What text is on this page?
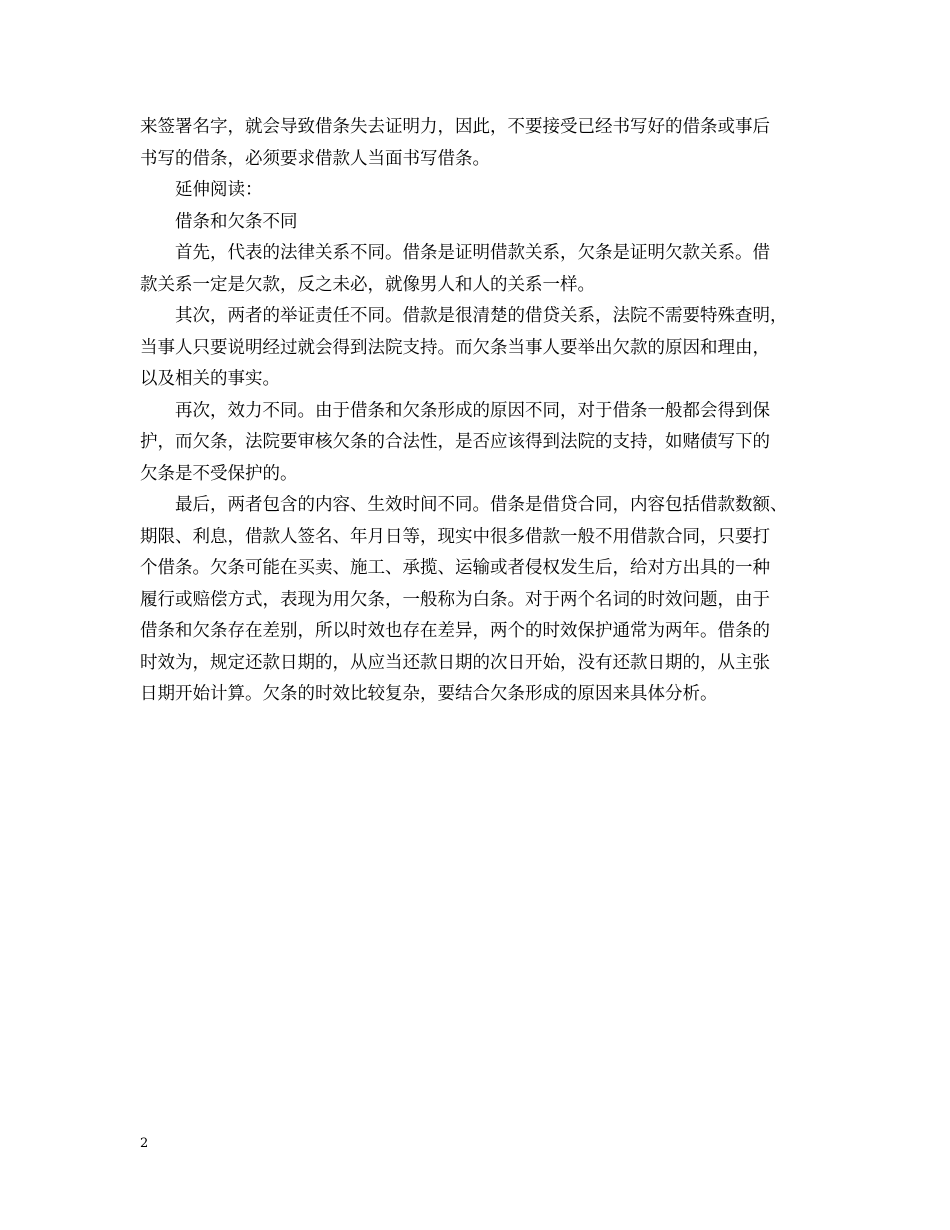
来签署名字，就会导致借条失去证明力，因此，不要接受已经书写好的借条或事后
书写的借条，必须要求借款人当面书写借条。
延伸阅读：
借条和欠条不同
首先，代表的法律关系不同。借条是证明借款关系，欠条是证明欠款关系。借
款关系一定是欠款，反之未必，就像男人和人的关系一样。
其次，两者的举证责任不同。借款是很清楚的借贷关系，法院不需要特殊查明，
当事人只要说明经过就会得到法院支持。而欠条当事人要举出欠款的原因和理由，
以及相关的事实。
再次，效力不同。由于借条和欠条形成的原因不同，对于借条一般都会得到保
护，而欠条，法院要审核欠条的合法性，是否应该得到法院的支持，如赌债写下的
欠条是不受保护的。
最后，两者包含的内容、生效时间不同。借条是借贷合同，内容包括借款数额、
期限、利息，借款人签名、年月日等，现实中很多借款一般不用借款合同，只要打
个借条。欠条可能在买卖、施工、承揽、运输或者侵权发生后，给对方出具的一种
履行或赔偿方式，表现为用欠条，一般称为白条。对于两个名词的时效问题，由于
借条和欠条存在差别，所以时效也存在差异，两个的时效保护通常为两年。借条的
时效为，规定还款日期的，从应当还款日期的次日开始，没有还款日期的，从主张
日期开始计算。欠条的时效比较复杂，要结合欠条形成的原因来具体分析。
2
